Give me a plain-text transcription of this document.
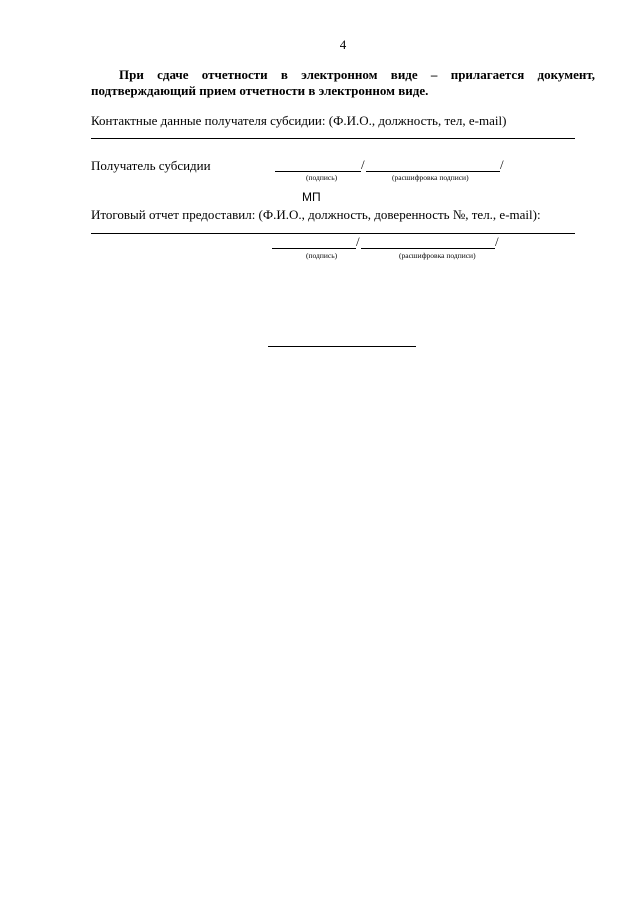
4
При сдаче отчетности в электронном виде – прилагается документ, подтверждающий прием отчетности в электронном виде.
Контактные данные получателя субсидии: (Ф.И.О., должность, тел, e-mail)
Получатель субсидии	/	/
(подпись)	(расшифровка подписи)
МП
Итоговый отчет предоставил: (Ф.И.О., должность, доверенность №, тел., e-mail):
/	/
(подпись)	(расшифровка подписи)
